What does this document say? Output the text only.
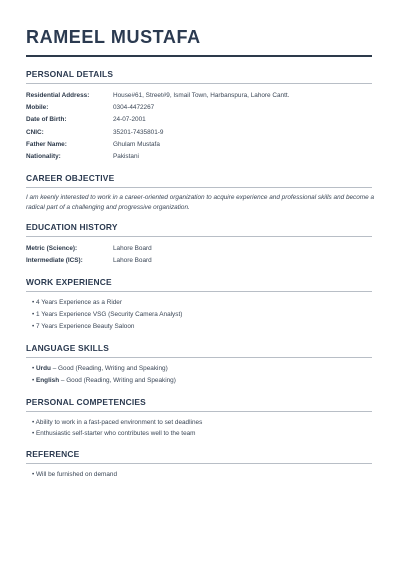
RAMEEL MUSTAFA
PERSONAL DETAILS
Residential Address:	House#61, Street#9, Ismail Town, Harbanspura, Lahore Cantt.
Mobile:	0304-4472267
Date of Birth:	24-07-2001
CNIC:	35201-7435801-9
Father Name:	Ghulam Mustafa
Nationality:	Pakistani
CAREER OBJECTIVE
I am keenly interested to work in a career-oriented organization to acquire experience and professional skills and become a radical part of a challenging and progressive organization.
EDUCATION HISTORY
Metric (Science):	Lahore Board
Intermediate (ICS):	Lahore Board
WORK EXPERIENCE
• 4 Years Experience as a Rider
• 1 Years Experience VSG (Security Camera Analyst)
• 7 Years Experience Beauty Saloon
LANGUAGE SKILLS
• Urdu – Good (Reading, Writing and Speaking)
• English – Good (Reading, Writing and Speaking)
PERSONAL COMPETENCIES
• Ability to work in a fast-paced environment to set deadlines
• Enthusiastic self-starter who contributes well to the team
REFERENCE
• Will be furnished on demand
